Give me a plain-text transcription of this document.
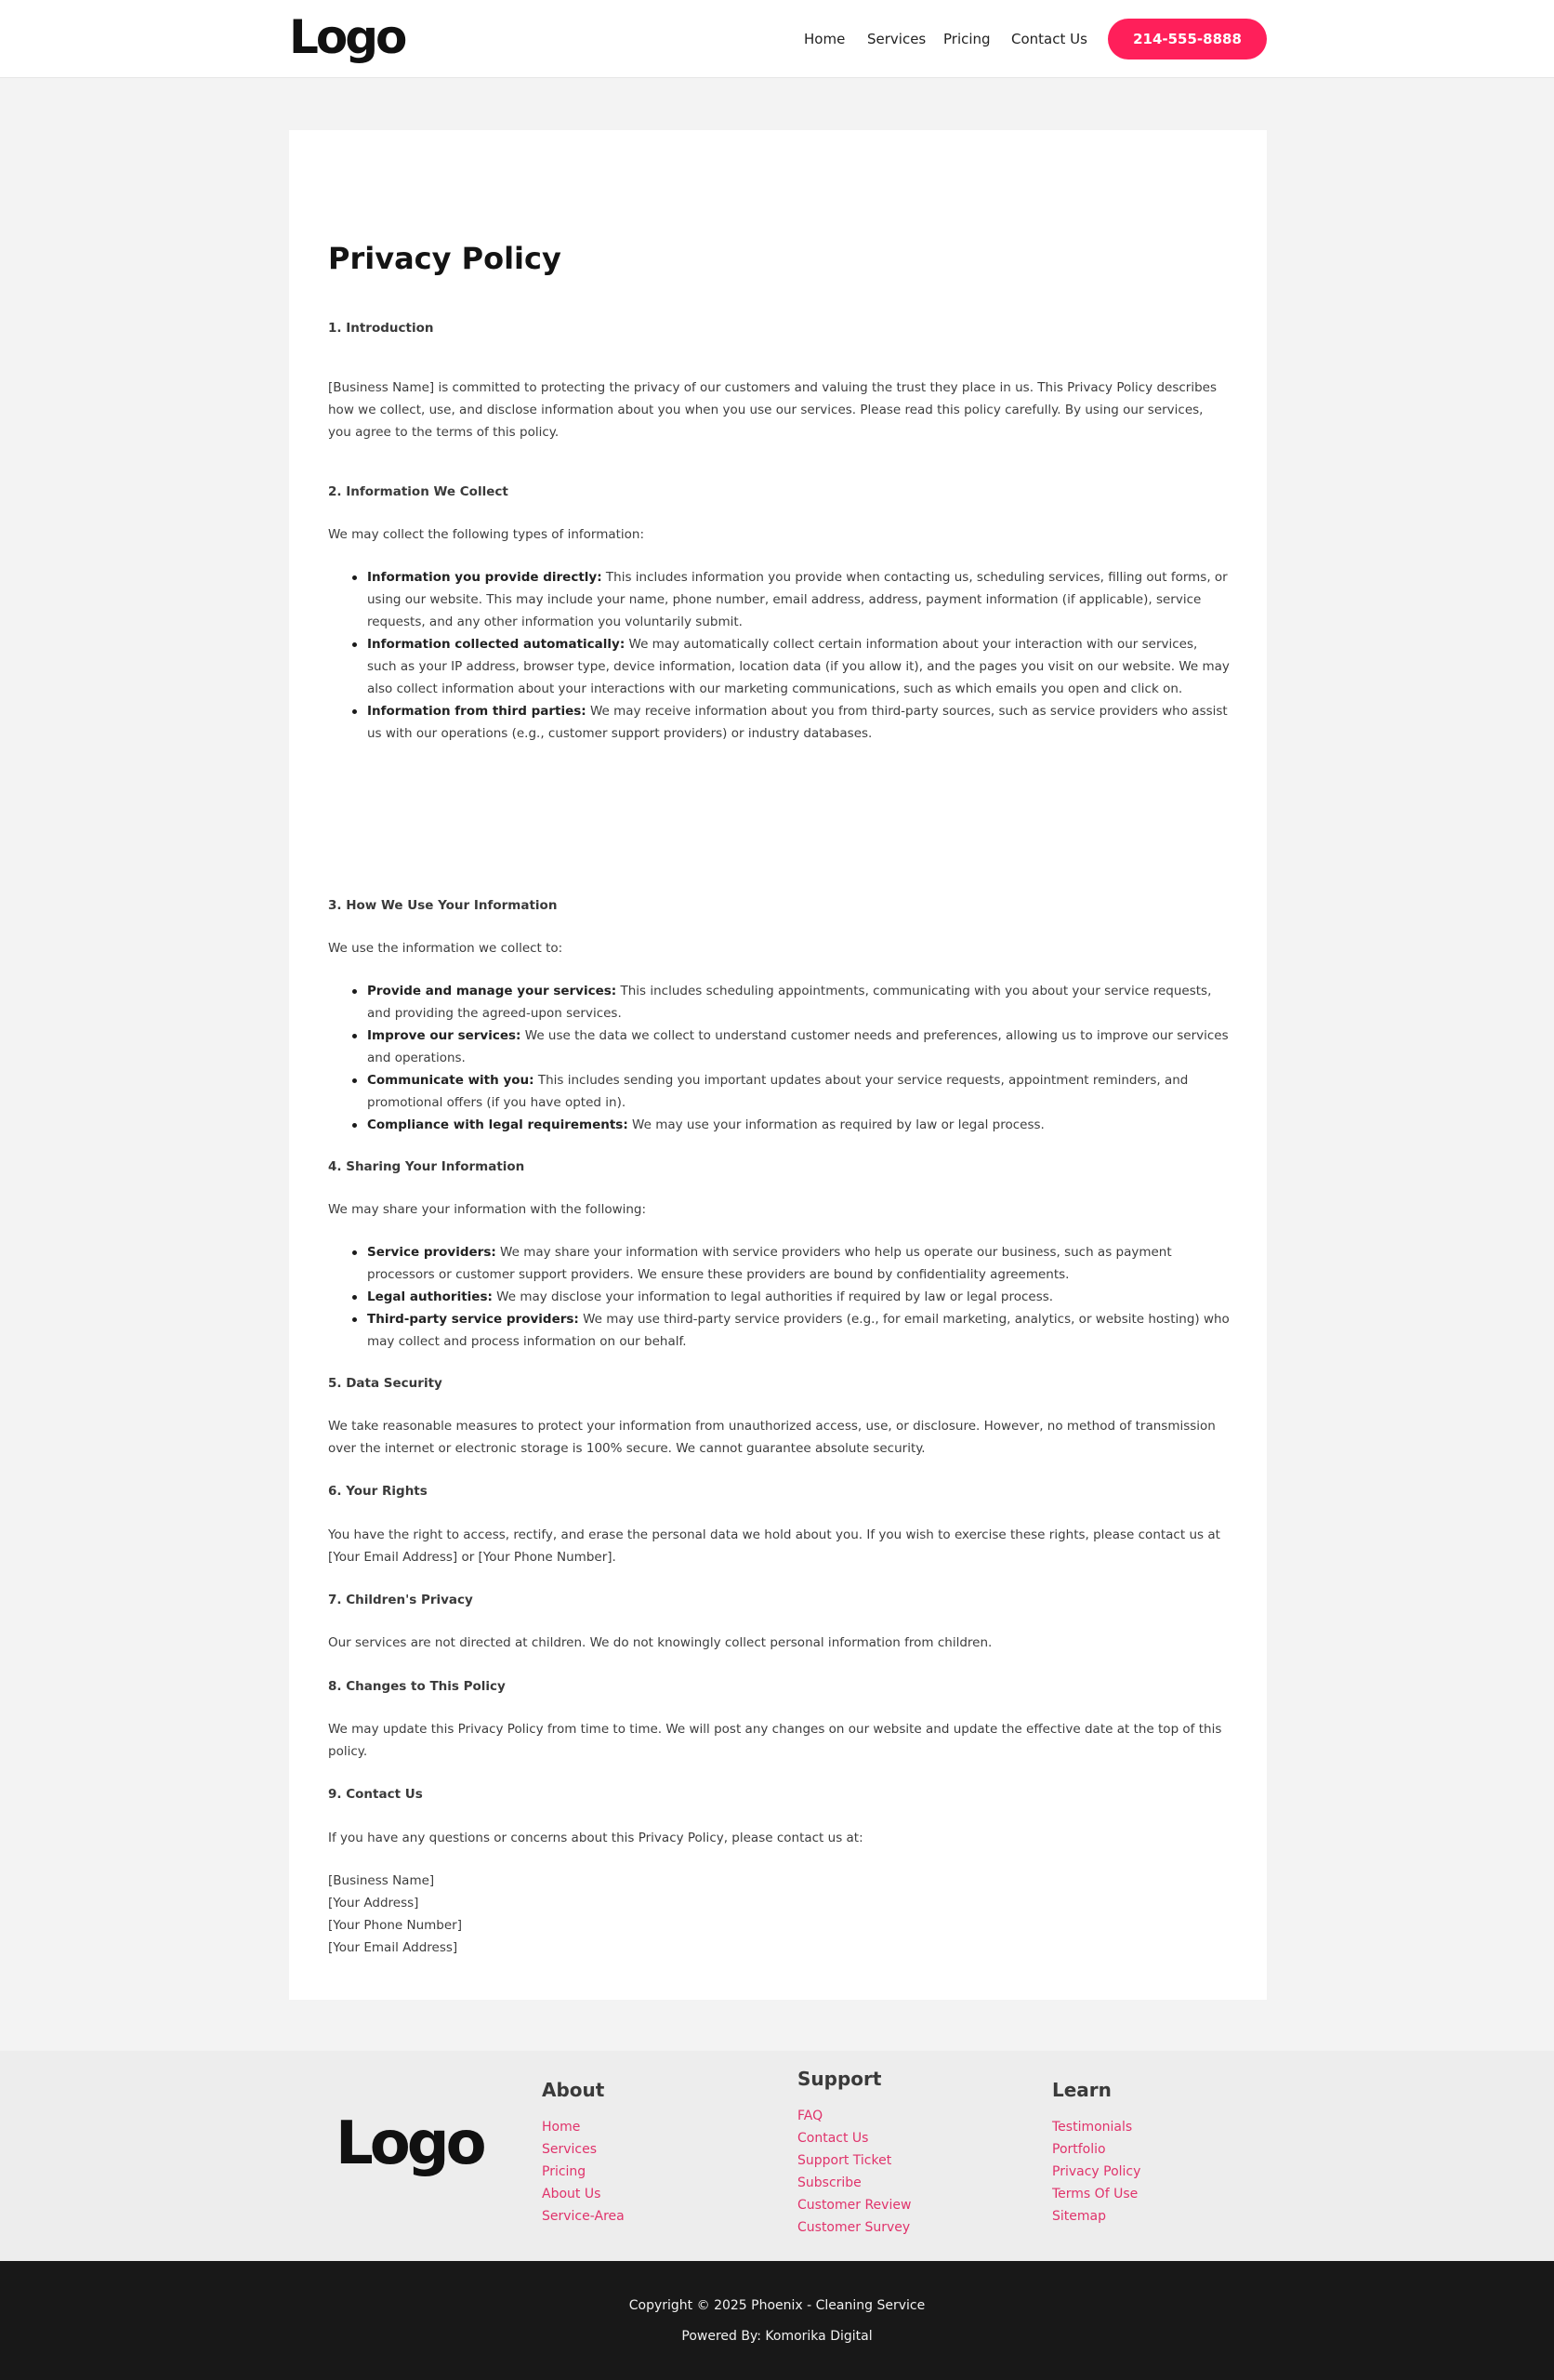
Logo	Home Services Pricing Contact Us	214-555-8888
Privacy Policy
1. Introduction

[Business Name] is committed to protecting the privacy of our customers and valuing the trust they place in us. This Privacy Policy describes how we collect, use, and disclose information about you when you use our services. Please read this policy carefully. By using our services, you agree to the terms of this policy.

2. Information We Collect

We may collect the following types of information:

Information you provide directly: This includes information you provide when contacting us, scheduling services, filling out forms, or using our website. This may include your name, phone number, email address, address, payment information (if applicable), service requests, and any other information you voluntarily submit.
Information collected automatically: We may automatically collect certain information about your interaction with our services, such as your IP address, browser type, device information, location data (if you allow it), and the pages you visit on our website. We may also collect information about your interactions with our marketing communications, such as which emails you open and click on.
Information from third parties: We may receive information about you from third-party sources, such as service providers who assist us with our operations (e.g., customer support providers) or industry databases.
3. How We Use Your Information

We use the information we collect to:

Provide and manage your services: This includes scheduling appointments, communicating with you about your service requests, and providing the agreed-upon services.
Improve our services: We use the data we collect to understand customer needs and preferences, allowing us to improve our services and operations.
Communicate with you: This includes sending you important updates about your service requests, appointment reminders, and promotional offers (if you have opted in).
Compliance with legal requirements: We may use your information as required by law or legal process.
4. Sharing Your Information

We may share your information with the following:

Service providers: We may share your information with service providers who help us operate our business, such as payment processors or customer support providers. We ensure these providers are bound by confidentiality agreements.
Legal authorities: We may disclose your information to legal authorities if required by law or legal process.
Third-party service providers: We may use third-party service providers (e.g., for email marketing, analytics, or website hosting) who may collect and process information on our behalf.
5. Data Security

We take reasonable measures to protect your information from unauthorized access, use, or disclosure. However, no method of transmission over the internet or electronic storage is 100% secure. We cannot guarantee absolute security.

6. Your Rights

You have the right to access, rectify, and erase the personal data we hold about you. If you wish to exercise these rights, please contact us at [Your Email Address] or [Your Phone Number].

7. Children's Privacy

Our services are not directed at children. We do not knowingly collect personal information from children.

8. Changes to This Policy

We may update this Privacy Policy from time to time. We will post any changes on our website and update the effective date at the top of this policy.

9. Contact Us

If you have any questions or concerns about this Privacy Policy, please contact us at:

[Business Name]
[Your Address]
[Your Phone Number]
[Your Email Address]
Logo
About
Home
Services
Pricing
About Us
Service-Area
Support
FAQ
Contact Us
Support Ticket
Subscribe
Customer Review
Customer Survey
Learn
Testimonials
Portfolio
Privacy Policy
Terms Of Use
Sitemap
Copyright © 2025 Phoenix - Cleaning Service
Powered By: Komorika Digital
